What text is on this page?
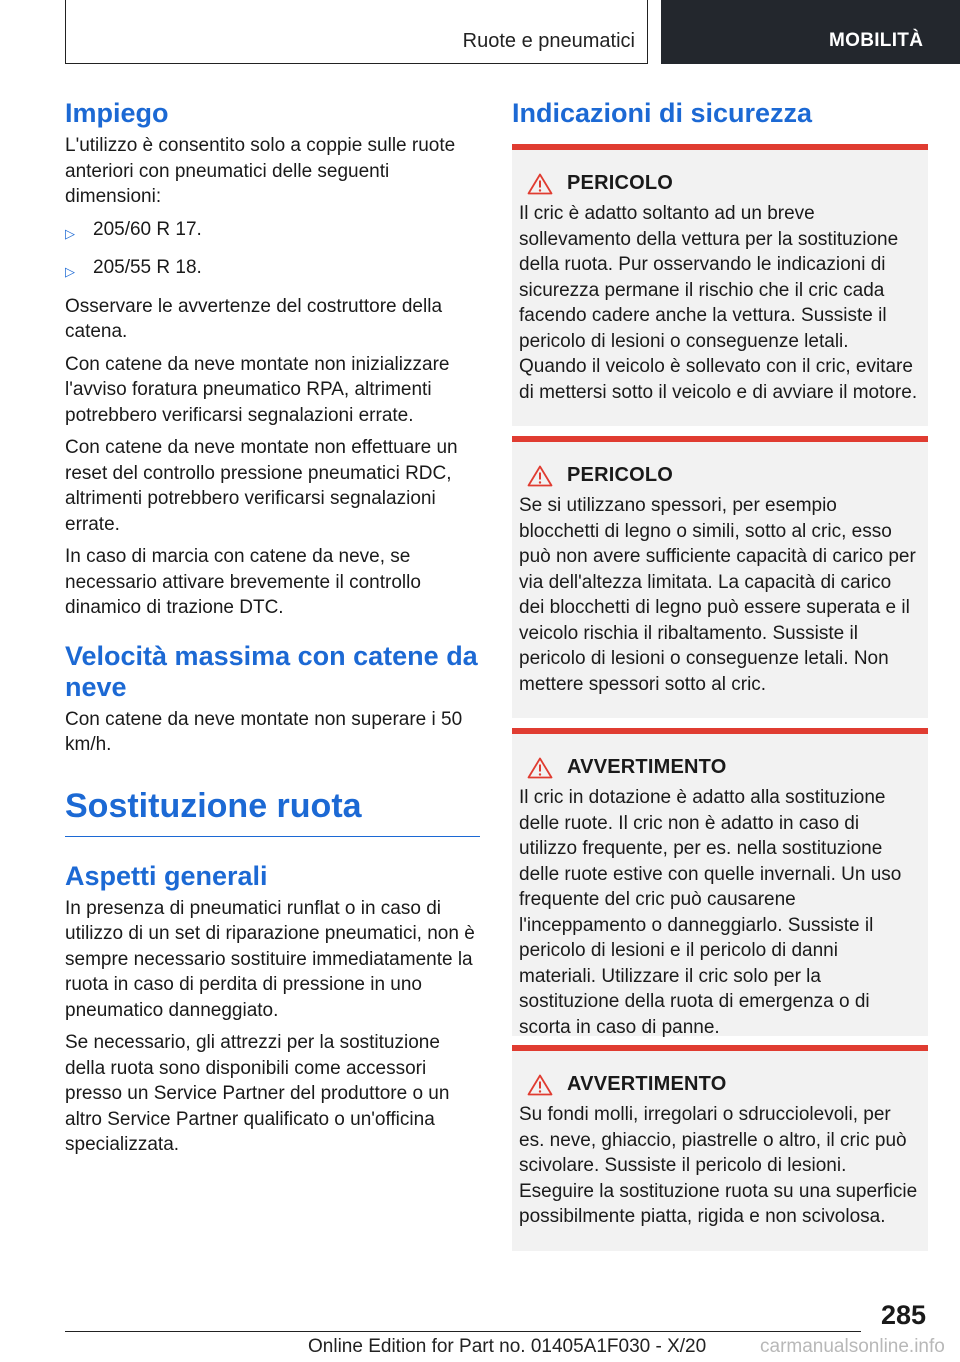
Ruote e pneumatici	MOBILITÀ
Impiego

L'utilizzo è consentito solo a coppie sulle ruote anteriori con pneumatici delle seguenti dimensioni:

▷ 205/60 R 17.
▷ 205/55 R 18.

Osservare le avvertenze del costruttore della catena.

Con catene da neve montate non inizializzare l'avviso foratura pneumatico RPA, altrimenti potrebbero verificarsi segnalazioni errate.

Con catene da neve montate non effettuare un reset del controllo pressione pneumatici RDC, altrimenti potrebbero verificarsi segnalazioni errate.

In caso di marcia con catene da neve, se necessario attivare brevemente il controllo dinamico di trazione DTC.

Velocità massima con catene da neve

Con catene da neve montate non superare i 50 km/h.

Sostituzione ruota
Aspetti generali

In presenza di pneumatici runflat o in caso di utilizzo di un set di riparazione pneumatici, non è sempre necessario sostituire immediatamente la ruota in caso di perdita di pressione in uno pneumatico danneggiato.

Se necessario, gli attrezzi per la sostituzione della ruota sono disponibili come accessori presso un Service Partner del produttore o un altro Service Partner qualificato o un'officina specializzata.

Indicazioni di sicurezza
PERICOLO

Il cric è adatto soltanto ad un breve sollevamento della vettura per la sostituzione della ruota. Pur osservando le indicazioni di sicurezza permane il rischio che il cric cada facendo cadere anche la vettura. Sussiste il pericolo di lesioni o conseguenze letali. Quando il veicolo è sollevato con il cric, evitare di mettersi sotto il veicolo e di avviare il motore.

PERICOLO

Se si utilizzano spessori, per esempio blocchetti di legno o simili, sotto al cric, esso può non avere sufficiente capacità di carico per via dell'altezza limitata. La capacità di carico dei blocchetti di legno può essere superata e il veicolo rischia il ribaltamento. Sussiste il pericolo di lesioni o conseguenze letali. Non mettere spessori sotto al cric.

AVVERTIMENTO

Il cric in dotazione è adatto alla sostituzione delle ruote. Il cric non è adatto in caso di utilizzo frequente, per es. nella sostituzione delle ruote estive con quelle invernali. Un uso frequente del cric può causarene l'inceppamento o danneggiarlo. Sussiste il pericolo di lesioni e il pericolo di danni materiali. Utilizzare il cric solo per la sostituzione della ruota di emergenza o di scorta in caso di panne.

AVVERTIMENTO

Su fondi molli, irregolari o sdrucciolevoli, per es. neve, ghiaccio, piastrelle o altro, il cric può scivolare. Sussiste il pericolo di lesioni. Eseguire la sostituzione ruota su una superficie possibilmente piatta, rigida e non scivolosa.

285
Online Edition for Part no. 01405A1F030 - X/20	carmanualsonline.info
